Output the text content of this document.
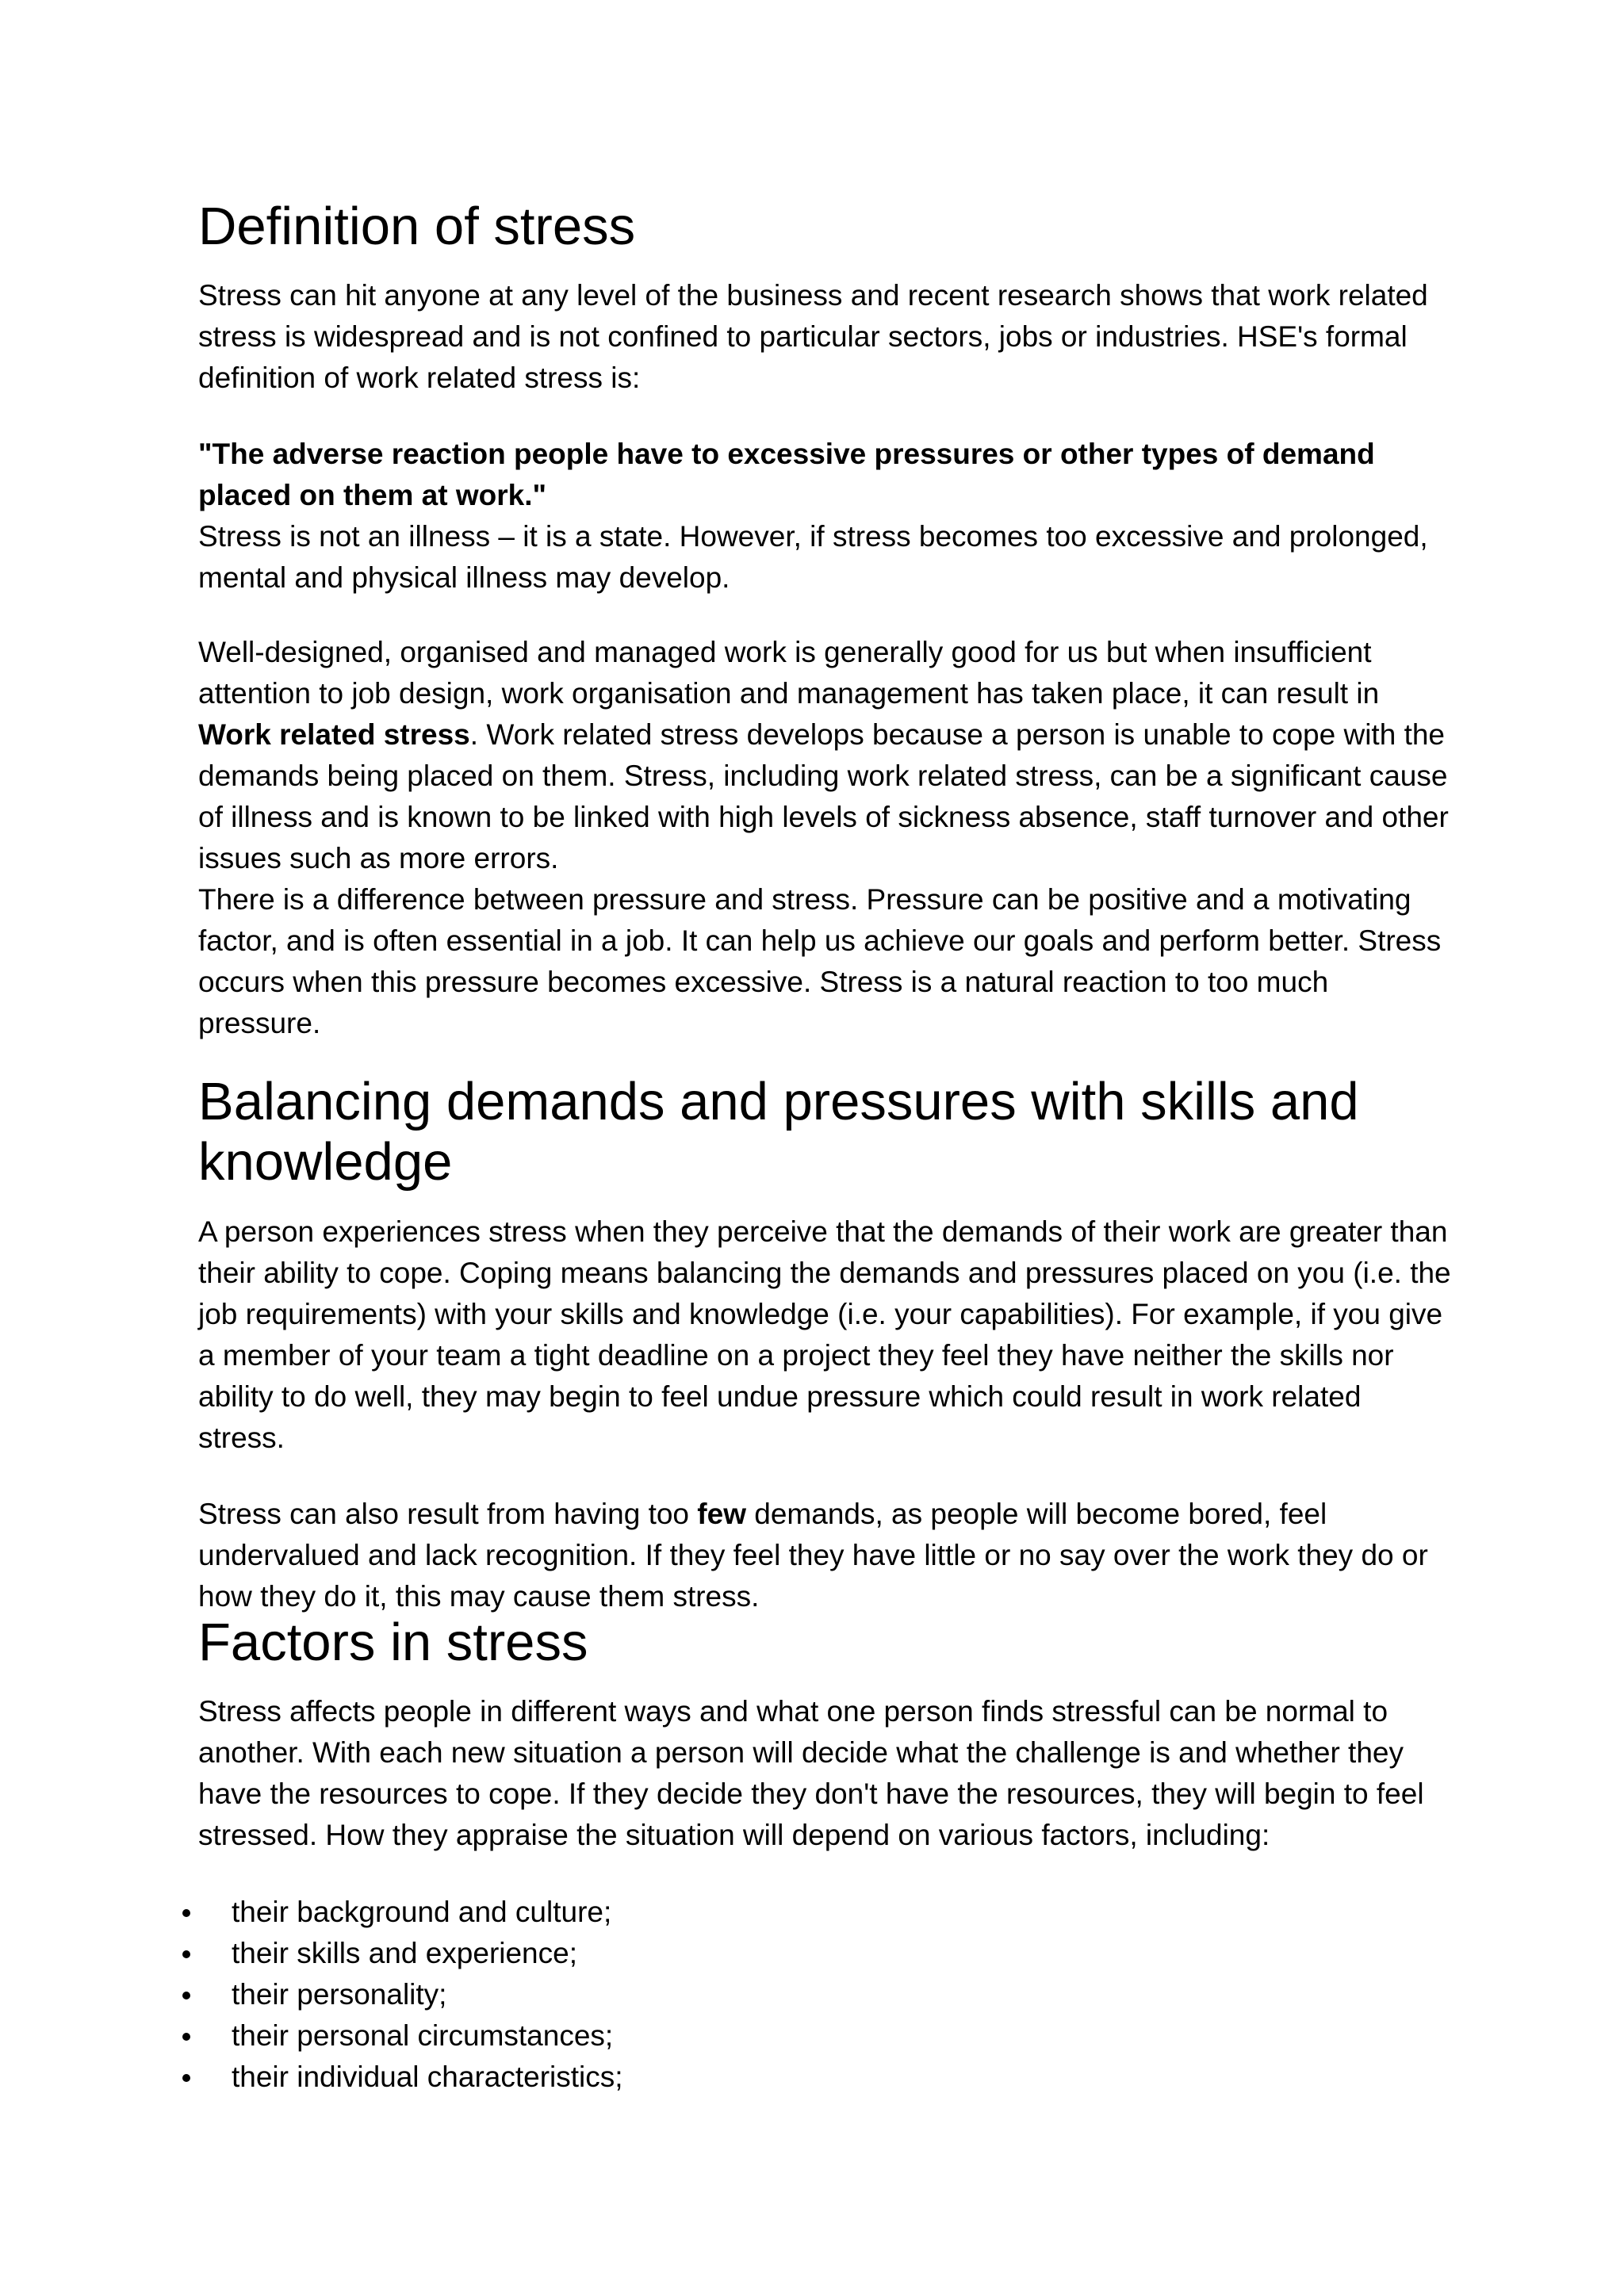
Definition of stress

Stress can hit anyone at any level of the business and recent research shows that work related stress is widespread and is not confined to particular sectors, jobs or industries. HSE's formal definition of work related stress is:

"The adverse reaction people have to excessive pressures or other types of demand placed on them at work."

Stress is not an illness – it is a state. However, if stress becomes too excessive and prolonged, mental and physical illness may develop.

Well-designed, organised and managed work is generally good for us but when insufficient attention to job design, work organisation and management has taken place, it can result in Work related stress. Work related stress develops because a person is unable to cope with the demands being placed on them. Stress, including work related stress, can be a significant cause of illness and is known to be linked with high levels of sickness absence, staff turnover and other issues such as more errors.

There is a difference between pressure and stress. Pressure can be positive and a motivating factor, and is often essential in a job. It can help us achieve our goals and perform better. Stress occurs when this pressure becomes excessive. Stress is a natural reaction to too much pressure.

Balancing demands and pressures with skills and knowledge

A person experiences stress when they perceive that the demands of their work are greater than their ability to cope. Coping means balancing the demands and pressures placed on you (i.e. the job requirements) with your skills and knowledge (i.e. your capabilities). For example, if you give a member of your team a tight deadline on a project they feel they have neither the skills nor ability to do well, they may begin to feel undue pressure which could result in work related stress.

Stress can also result from having too few demands, as people will become bored, feel undervalued and lack recognition. If they feel they have little or no say over the work they do or how they do it, this may cause them stress.

Factors in stress

Stress affects people in different ways and what one person finds stressful can be normal to another. With each new situation a person will decide what the challenge is and whether they have the resources to cope. If they decide they don't have the resources, they will begin to feel stressed. How they appraise the situation will depend on various factors, including:

their background and culture;
their skills and experience;
their personality;
their personal circumstances;
their individual characteristics;
